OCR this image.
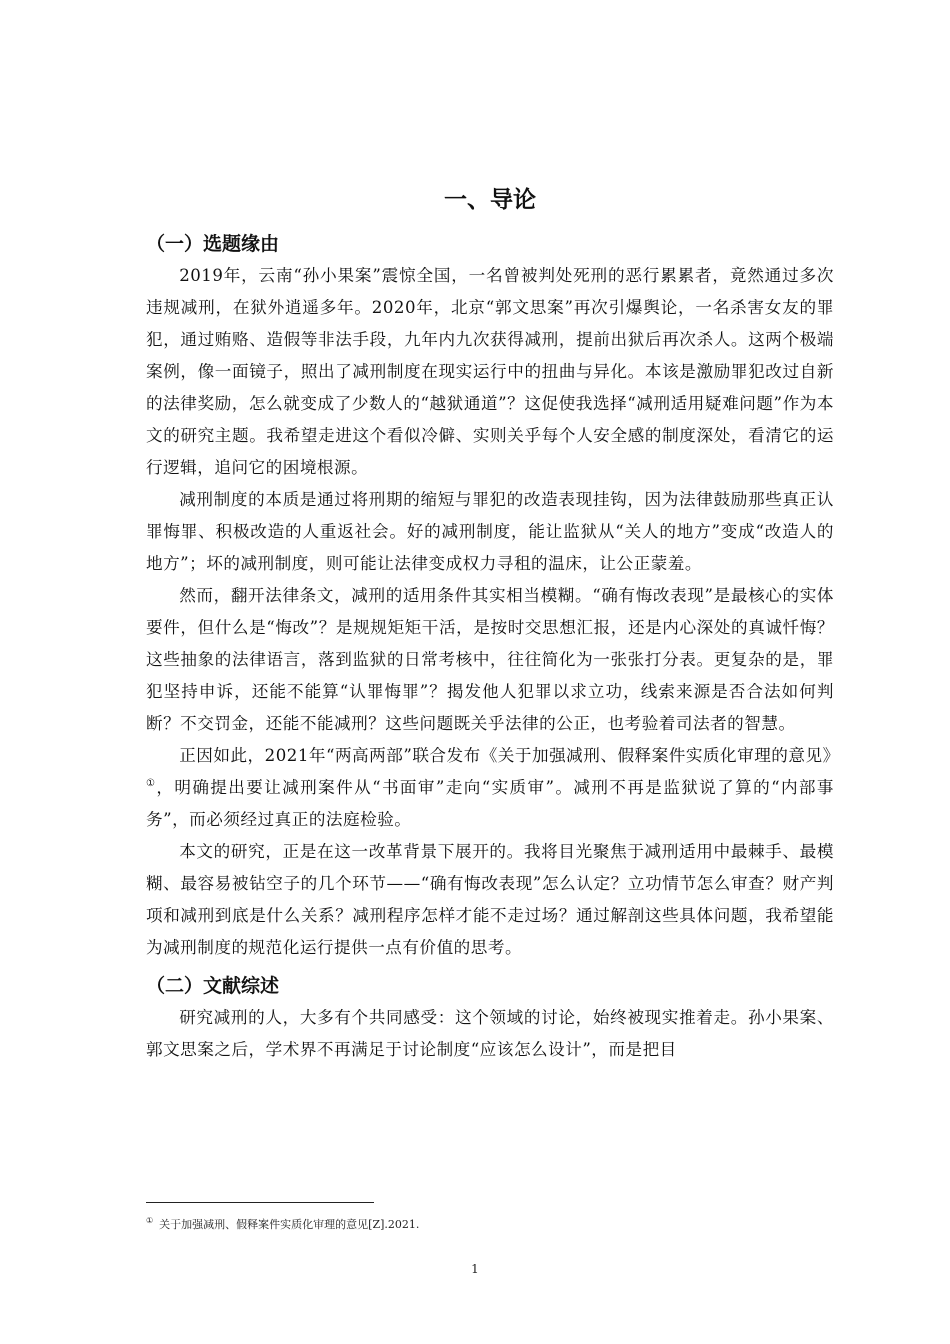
一、导论
（一）选题缘由

2019年，云南“孙小果案”震惊全国，一名曾被判处死刑的恶行累累者，竟然通过多次违规减刑，在狱外逍遥多年。2020年，北京“郭文思案”再次引爆舆论，一名杀害女友的罪犯，通过贿赂、造假等非法手段，九年内九次获得减刑，提前出狱后再次杀人。这两个极端案例，像一面镜子，照出了减刑制度在现实运行中的扭曲与异化。本该是激励罪犯改过自新的法律奖励，怎么就变成了少数人的“越狱通道”？这促使我选择“减刑适用疑难问题”作为本文的研究主题。我希望走进这个看似冷僻、实则关乎每个人安全感的制度深处，看清它的运行逻辑，追问它的困境根源。

减刑制度的本质是通过将刑期的缩短与罪犯的改造表现挂钩，因为法律鼓励那些真正认罪悔罪、积极改造的人重返社会。好的减刑制度，能让监狱从“关人的地方”变成“改造人的地方”；坏的减刑制度，则可能让法律变成权力寻租的温床，让公正蒙羞。

然而，翻开法律条文，减刑的适用条件其实相当模糊。“确有悔改表现”是最核心的实体要件，但什么是“悔改”？是规规矩矩干活，是按时交思想汇报，还是内心深处的真诚忏悔？这些抽象的法律语言，落到监狱的日常考核中，往往简化为一张张打分表。更复杂的是，罪犯坚持申诉，还能不能算“认罪悔罪”？揭发他人犯罪以求立功，线索来源是否合法如何判断？不交罚金，还能不能减刑？这些问题既关乎法律的公正，也考验着司法者的智慧。

正因如此，2021年“两高两部”联合发布《关于加强减刑、假释案件实质化审理的意见》①，明确提出要让减刑案件从“书面审”走向“实质审”。减刑不再是监狱说了算的“内部事务”，而必须经过真正的法庭检验。

本文的研究，正是在这一改革背景下展开的。我将目光聚焦于减刑适用中最棘手、最模糊、最容易被钻空子的几个环节——“确有悔改表现”怎么认定？立功情节怎么审查？财产判项和减刑到底是什么关系？减刑程序怎样才能不走过场？通过解剖这些具体问题，我希望能为减刑制度的规范化运行提供一点有价值的思考。

（二）文献综述

研究减刑的人，大多有个共同感受：这个领域的讨论，始终被现实推着走。孙小果案、郭文思案之后，学术界不再满足于讨论制度“应该怎么设计”，而是把目

① 关于加强减刑、假释案件实质化审理的意见[Z].2021.
1
